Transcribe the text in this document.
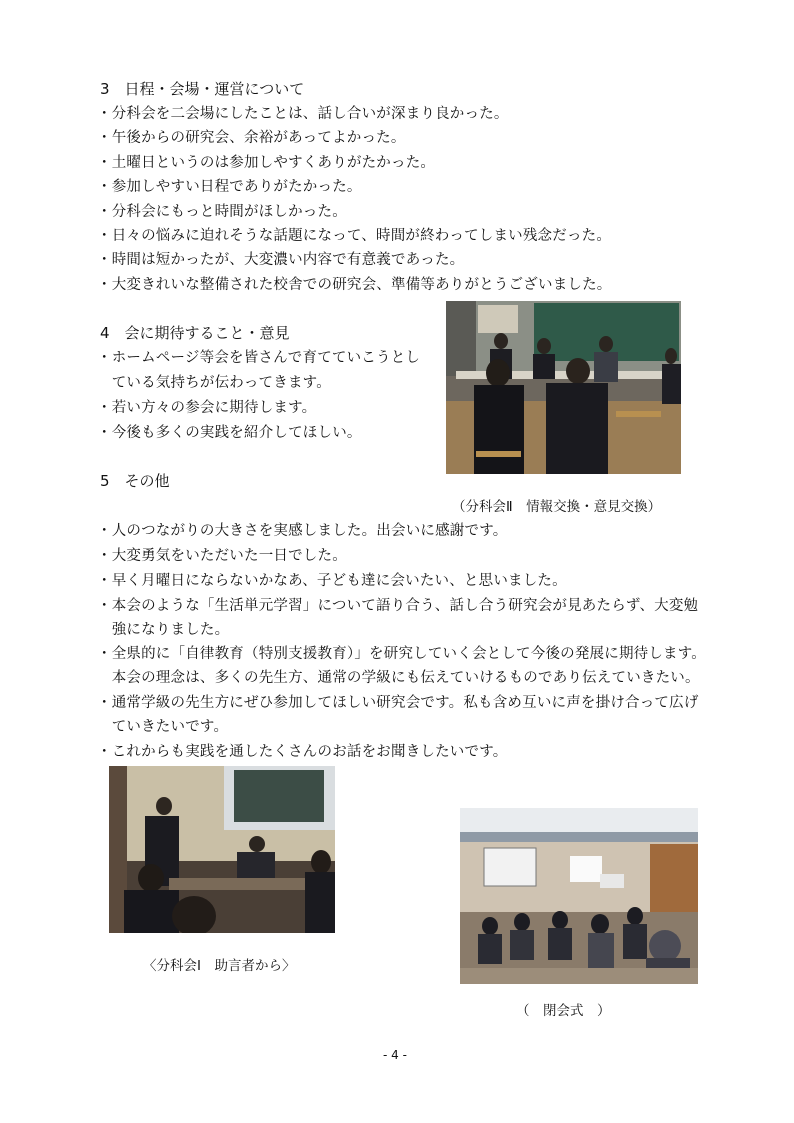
3　日程・会場・運営について
・分科会を二会場にしたことは、話し合いが深まり良かった。
・午後からの研究会、余裕があってよかった。
・土曜日というのは参加しやすくありがたかった。
・参加しやすい日程でありがたかった。
・分科会にもっと時間がほしかった。
・日々の悩みに迫れそうな話題になって、時間が終わってしまい残念だった。
・時間は短かったが、大変濃い内容で有意義であった。
・大変きれいな整備された校舎での研究会、準備等ありがとうございました。
4　会に期待すること・意見
・ホームページ等会を皆さんで育てていこうとし
　ている気持ちが伝わってきます。
・若い方々の参会に期待します。
・今後も多くの実践を紹介してほしい。
5　その他
（分科会Ⅱ　情報交換・意見交換）
・人のつながりの大きさを実感しました。出会いに感謝です。
・大変勇気をいただいた一日でした。
・早く月曜日にならないかなあ、子ども達に会いたい、と思いました。
・本会のような「生活単元学習」について語り合う、話し合う研究会が見あたらず、大変勉
　強になりました。
・全県的に「自律教育（特別支援教育）」を研究していく会として今後の発展に期待します。
　本会の理念は、多くの先生方、通常の学級にも伝えていけるものであり伝えていきたい。
・通常学級の先生方にぜひ参加してほしい研究会です。私も含め互いに声を掛け合って広げ
　ていきたいです。
・これからも実践を通したくさんのお話をお聞きしたいです。
〈分科会Ⅰ　助言者から〉
（　閉会式　）
- 4 -
